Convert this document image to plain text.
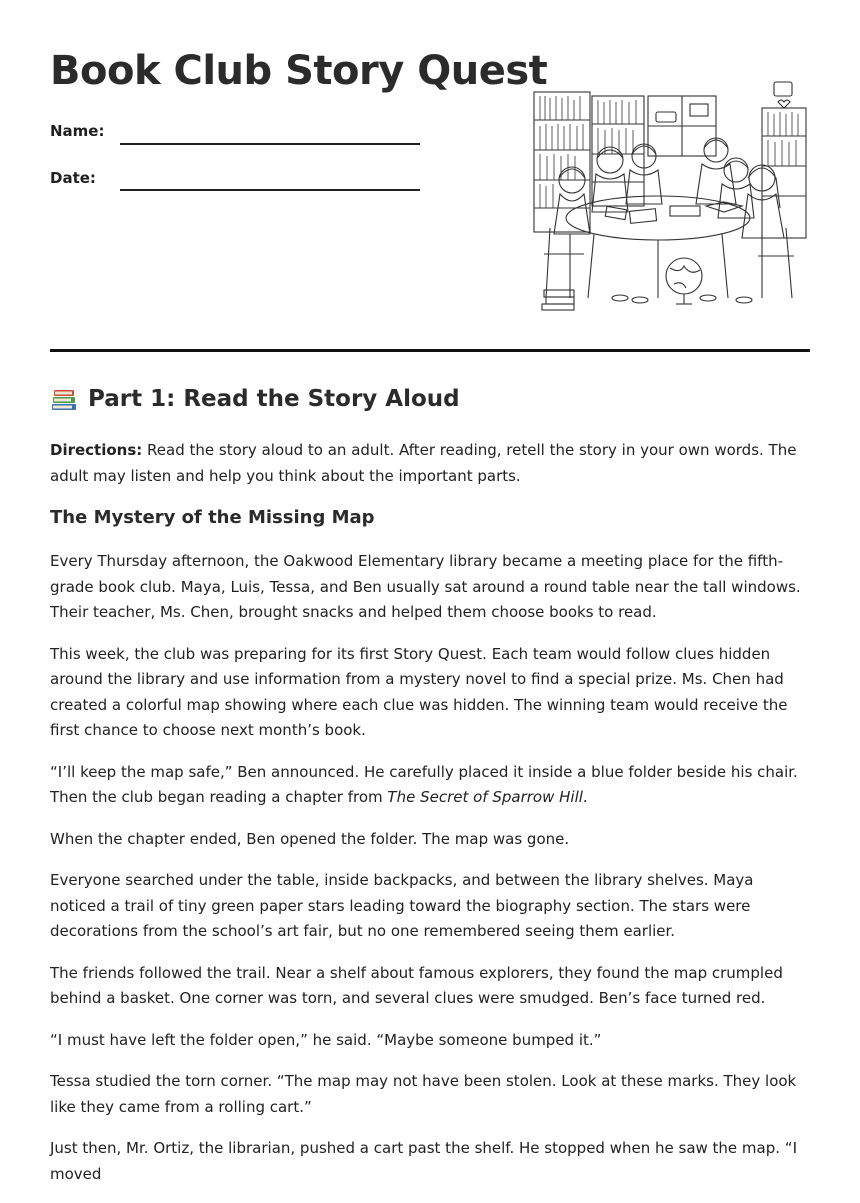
Book Club Story Quest
Name:
Date:
Part 1: Read the Story Aloud

Directions: Read the story aloud to an adult. After reading, retell the story in your own words. The adult may listen and help you think about the important parts.

The Mystery of the Missing Map

Every Thursday afternoon, the Oakwood Elementary library became a meeting place for the fifth-grade book club. Maya, Luis, Tessa, and Ben usually sat around a round table near the tall windows. Their teacher, Ms. Chen, brought snacks and helped them choose books to read.

This week, the club was preparing for its first Story Quest. Each team would follow clues hidden around the library and use information from a mystery novel to find a special prize. Ms. Chen had created a colorful map showing where each clue was hidden. The winning team would receive the first chance to choose next month’s book.

“I’ll keep the map safe,” Ben announced. He carefully placed it inside a blue folder beside his chair. Then the club began reading a chapter from The Secret of Sparrow Hill.

When the chapter ended, Ben opened the folder. The map was gone.

Everyone searched under the table, inside backpacks, and between the library shelves. Maya noticed a trail of tiny green paper stars leading toward the biography section. The stars were decorations from the school’s art fair, but no one remembered seeing them earlier.

The friends followed the trail. Near a shelf about famous explorers, they found the map crumpled behind a basket. One corner was torn, and several clues were smudged. Ben’s face turned red.

“I must have left the folder open,” he said. “Maybe someone bumped it.”

Tessa studied the torn corner. “The map may not have been stolen. Look at these marks. They look like they came from a rolling cart.”

Just then, Mr. Ortiz, the librarian, pushed a cart past the shelf. He stopped when he saw the map. “I moved
